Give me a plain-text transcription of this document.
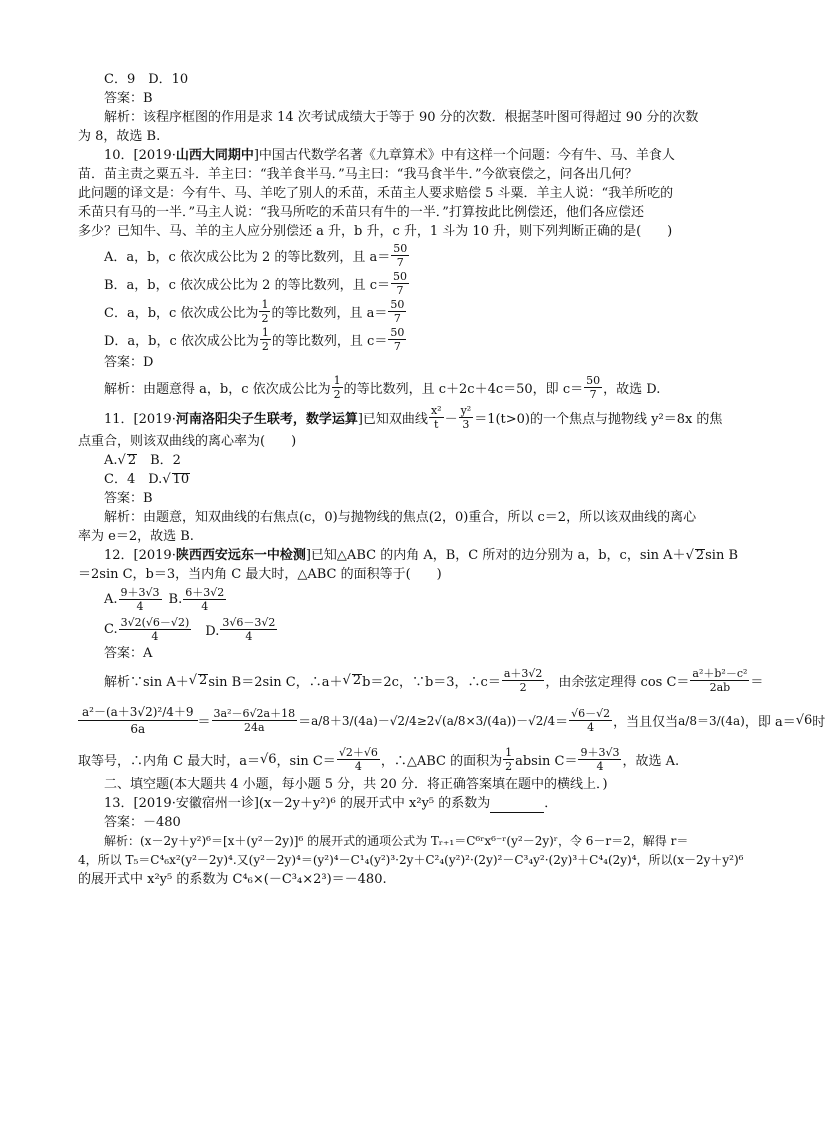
C．9　D．10

答案：B

解析：该程序框图的作用是求 14 次考试成绩大于等于 90 分的次数．根据茎叶图可得超过 90 分的次数

为 8，故选 B.

10．[2019·山西大同期中]中国古代数学名著《九章算术》中有这样一个问题：今有牛、马、羊食人

苗．苗主责之粟五斗．羊主曰：“我羊食半马．”马主曰：“我马食半牛．”今欲衰偿之，问各出几何？

此问题的译文是：今有牛、马、羊吃了别人的禾苗，禾苗主人要求赔偿 5 斗粟．羊主人说：“我羊所吃的

禾苗只有马的一半．”马主人说：“我马所吃的禾苗只有牛的一半．”打算按此比例偿还，他们各应偿还

多少？已知牛、马、羊的主人应分别偿还 a 升，b 升，c 升，1 斗为 10 升，则下列判断正确的是(　　)

A．a，b，c 依次成公比为 2 的等比数列，且 $a= \frac{50}{7}$
B．a，b，c 依次成公比为 2 的等比数列，且 $c= \frac{50}{7}$
C．a，b，c 依次成公比为 $\frac{1}{2}$ 的等比数列，且 $a= \frac{50}{7}$
D．a，b，c 依次成公比为 $\frac{1}{2}$ 的等比数列，且 $c= \frac{50}{7}$

答案：D

解析：由题意得 a，b，c 依次成公比为 $\frac{1}{2}$ 的等比数列，且 c＋2c＋4c＝50，即 $c= \frac{50}{7}$ ，故选 D.
11．[2019· 河南洛阳尖子生联考，数学运算 ]已知双曲线 $\frac{\text{x²}}{t} - \frac{\text{y²}}{3} =1(t>0)$的一个焦点与抛物线 y²＝8x 的焦

点重合，则该双曲线的离心率为(　　)

A.√ 2　B．2

C．4　D.√ 10

答案：B

解析：由题意，知双曲线的右焦点(c，0)与抛物线的焦点(2，0)重合，所以 c＝2，所以该双曲线的离心

率为 e＝2，故选 B.

12．[2019·陕西西安远东一中检测]已知△ABC 的内角 A，B，C 所对的边分别为 a，b，c，sin A＋√ 2sin B

＝2sin C，b＝3，当内角 C 最大时，△ABC 的面积等于(　　)

A. $\frac{9+3√3}{4} B$. $\frac{6+3√2}{4}$
C. $\frac{3√2(√6-√2)}{4}$ 　D. $\frac{3√6-3√2}{4}$

答案：A

解析∵sin A＋ √ 2 sin B＝2sin C，∴a＋ √ 2 b＝2c，∵b＝3，∴c＝ $\frac{a+3√2}{2}$ ，由余弦定理得 $\cos C= \frac{\text{a²＋b²－c²}}{2ab}$ ＝
$\frac{\text{a²－(a＋3√2)²/4＋9}}{6a} = \frac{\text{3a²－6√2a＋18}}{24a} = a/8+3/(4a)-√2/4\ge 2√(a/8\times 3/(4a))-√2/4 = \frac{√6-√2}{4}$ ，当且仅当 a/8＝3/(4a) ，即 a＝ √6 时
取等号，∴内角 C 最大时，a＝ √6 ，$\sin C= \frac{√2+√6}{4}$ ，∴△ABC 的面积为 $\frac{1}{2}$ absin $C= \frac{9+3√3}{4}$ ，故选 A.

二、填空题(本大题共 4 小题，每小题 5 分，共 20 分．将正确答案填在题中的横线上．)

13．[2019·安徽宿州一诊](x－2y＋y²)⁶ 的展开式中 x²y⁵ 的系数为	．

答案：－480

解析：(x－2y＋y²)⁶＝[x＋(y²－2y)]⁶ 的展开式的通项公式为 Tᵣ₊₁＝C⁶ʳx⁶⁻ʳ(y²－2y)ʳ，令 6－r＝2，解得 r＝

4，所以 T₅＝C⁴₆x²(y²－2y)⁴.又(y²－2y)⁴＝(y²)⁴－C¹₄(y²)³·2y＋C²₄(y²)²·(2y)²－C³₄y²·(2y)³＋C⁴₄(2y)⁴，所以(x－2y＋y²)⁶

的展开式中 x²y⁵ 的系数为 C⁴₆×(－C³₄×2³)＝－480.
